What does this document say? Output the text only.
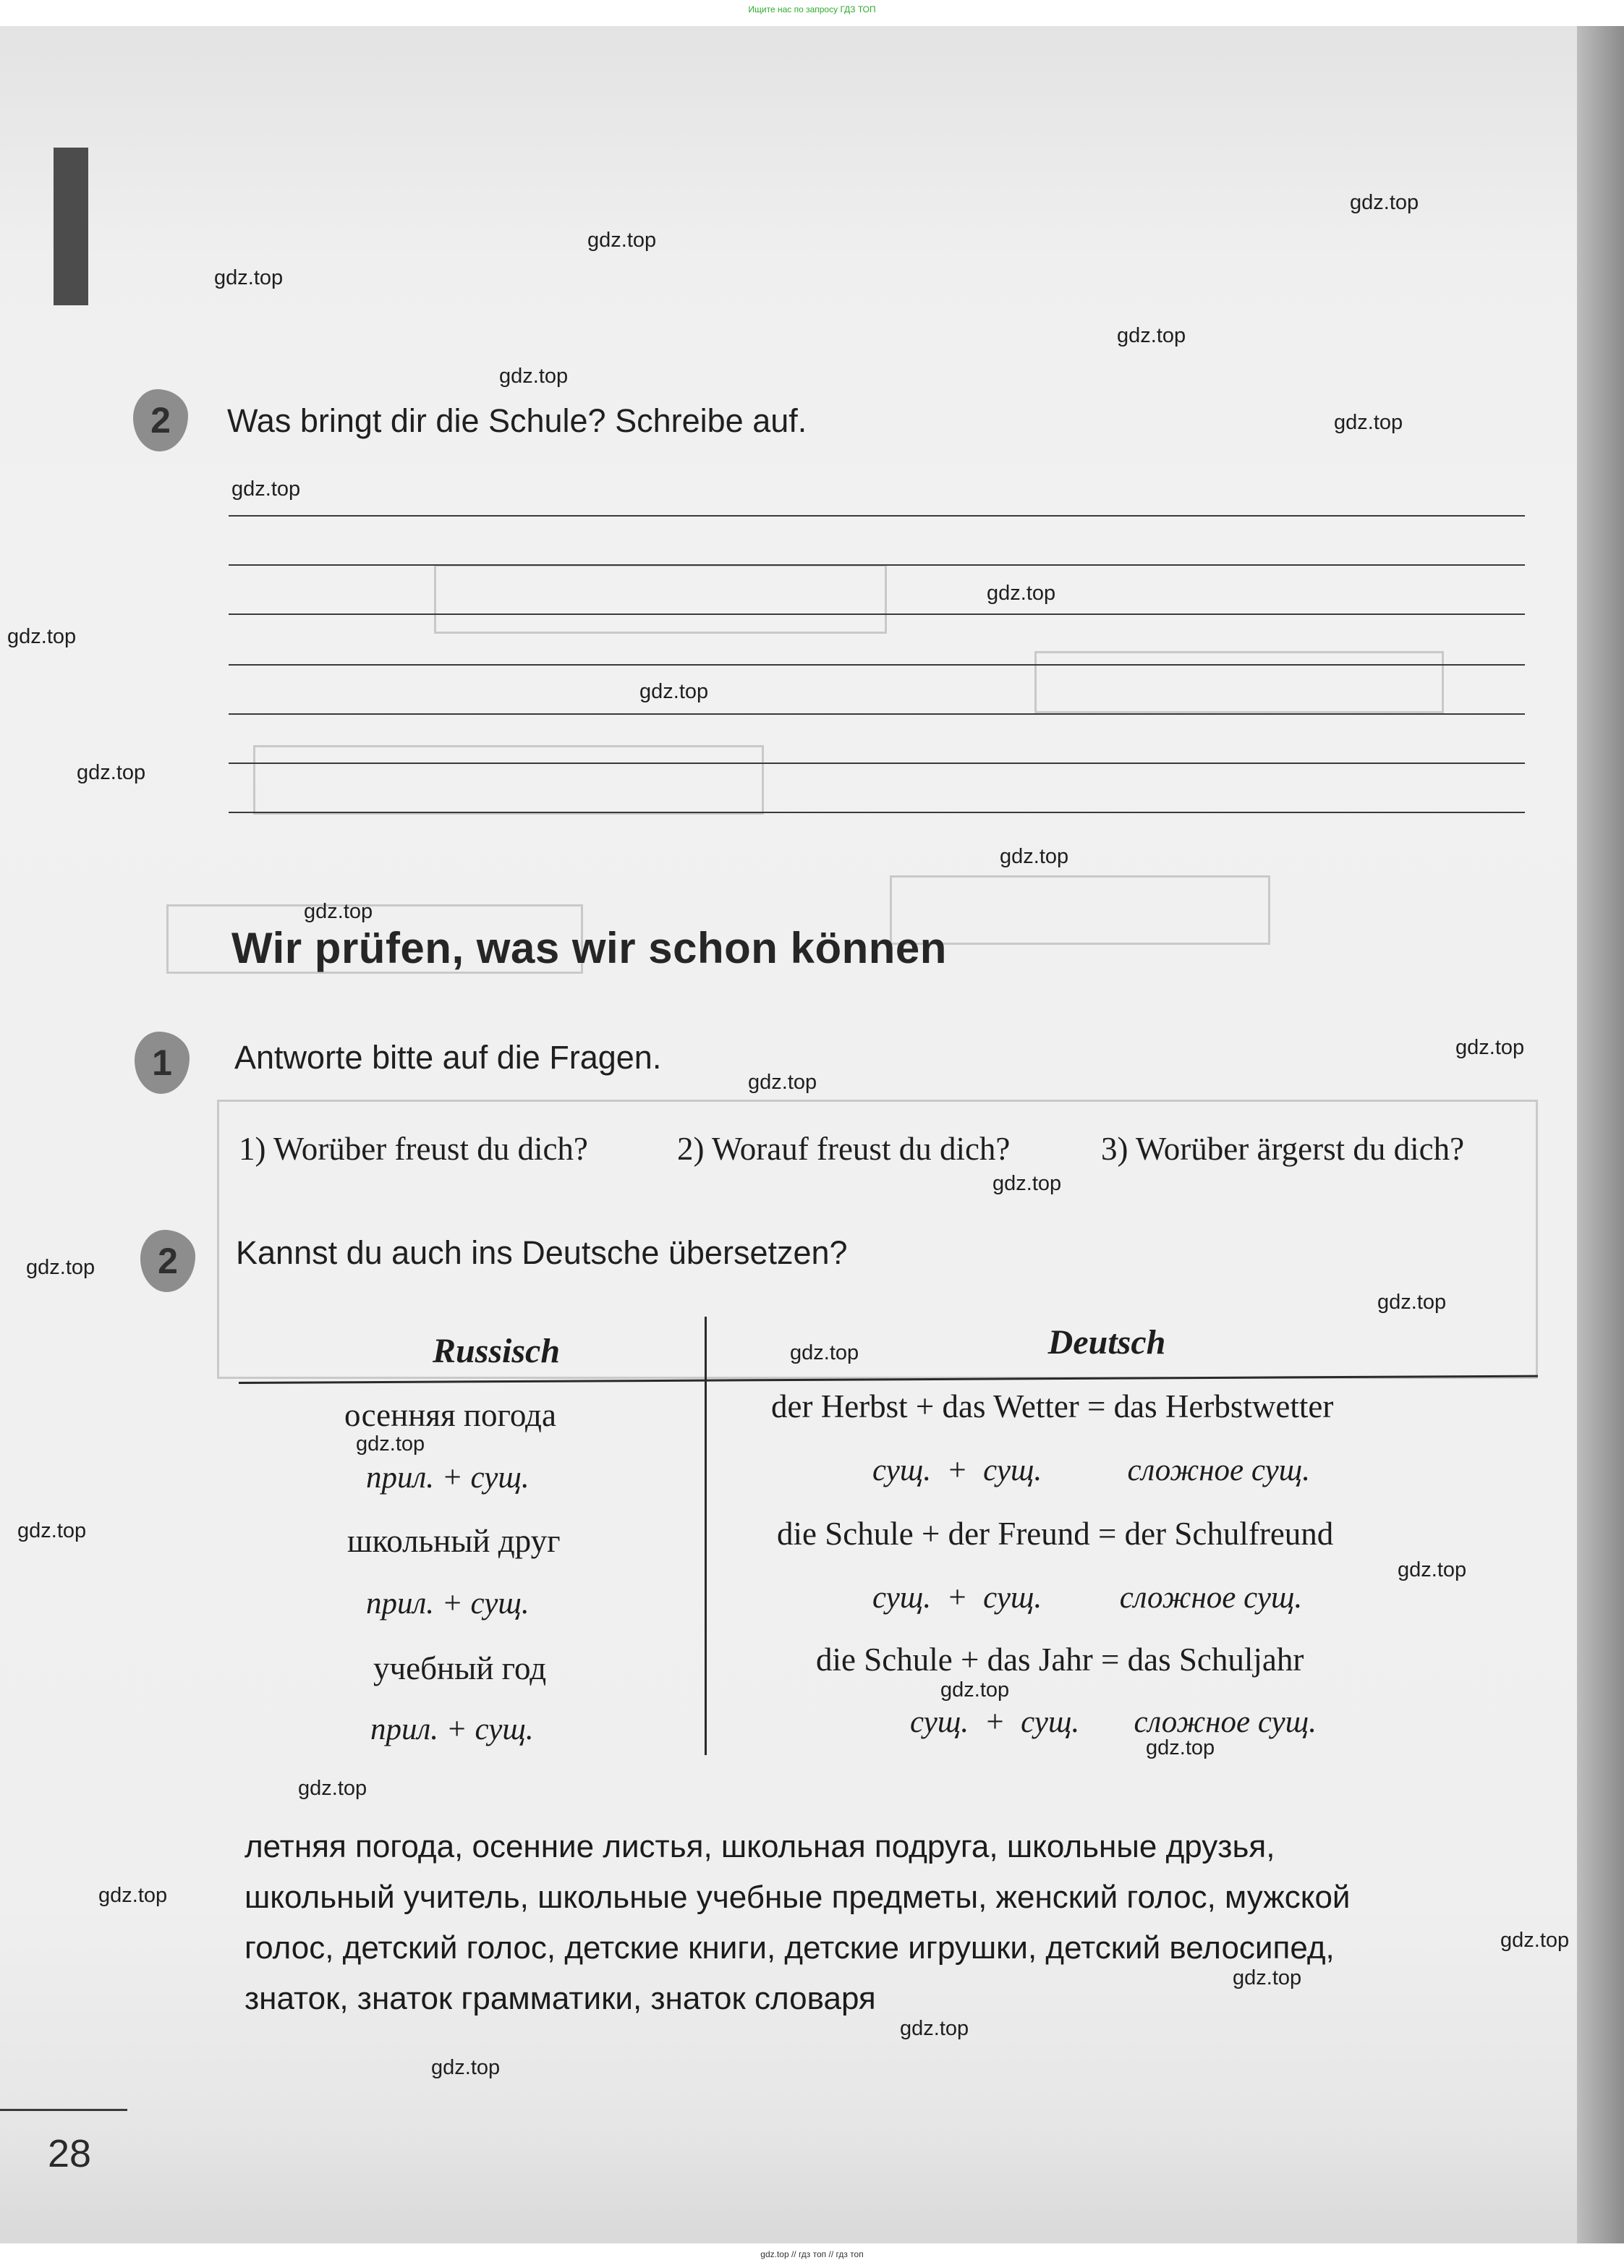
Ищите нас по запросу ГДЗ ТОП
2	Was bringt dir die Schule? Schreibe auf.
Wir prüfen, was wir schon können
1	Antworte bitte auf die Fragen.
1) Worüber freust du dich?	2) Worauf freust du dich?	3) Worüber ärgerst du dich?
2	Kannst du auch ins Deutsche übersetzen?
Russisch	Deutsch
осенняя погода	der Herbst + das Wetter = das Herbstwetter
прил. + сущ.	сущ.  +  сущ.           сложное сущ.
школьный друг	die Schule + der Freund = der Schulfreund
прил. + сущ.	сущ.  +  сущ.          сложное сущ.
учебный год	die Schule + das Jahr = das Schuljahr
прил. + сущ.	сущ.  +  сущ.       сложное сущ.
летняя погода, осенние листья, школьная подруга, школьные друзья,
школьный учитель, школьные учебные предметы, женский голос, мужской
голос, детский голос, детские книги, детские игрушки, детский велосипед,
знаток, знаток грамматики, знаток словаря
28
gdz.top
gdz.top
gdz.top
gdz.top
gdz.top
gdz.top
gdz.top
gdz.top
gdz.top
gdz.top
gdz.top
gdz.top
gdz.top
gdz.top
gdz.top
gdz.top
gdz.top
gdz.top
gdz.top
gdz.top
gdz.top
gdz.top
gdz.top
gdz.top
gdz.top
gdz.top
gdz.top
gdz.top
gdz.top
gdz.top
gdz.top // гдз топ // гдз топ
